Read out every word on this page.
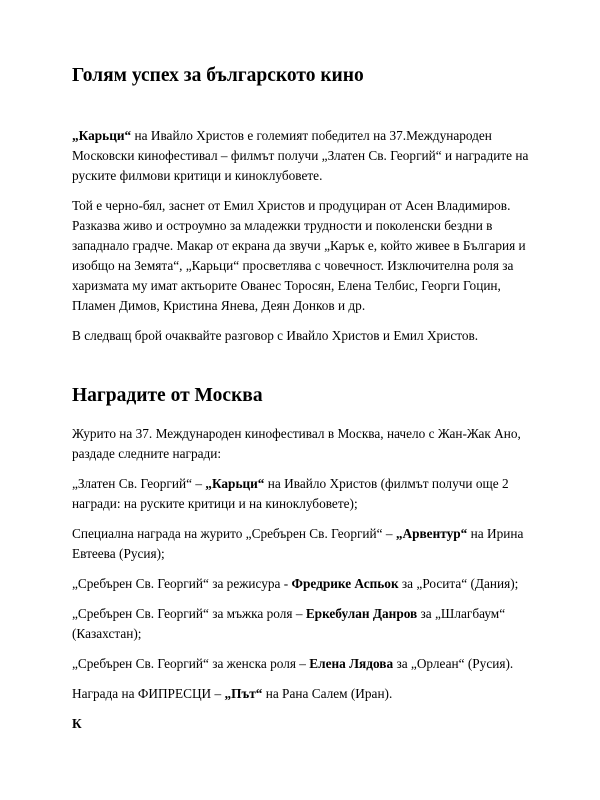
Голям успех за българското кино

„Карьци“ на Ивайло Христов е големият победител на 37.Международен Московски кинофестивал – филмът получи „Златен Св. Георгий“ и наградите на руските филмови критици и киноклубовете.

Той е черно-бял, заснет от Емил Христов и продуциран от Асен Владимиров. Разказва живо и остроумно за младежки трудности и поколенски бездни в западнало градче. Макар от екрана да звучи „Карък е, който живее в България и изобщо на Земята“, „Карьци“ просветлява с човечност. Изключителна роля за харизмата му имат актьорите Ованес Торосян, Елена Телбис, Георги Гоцин, Пламен Димов, Кристина Янева, Деян Донков и др.

В следващ брой очаквайте разговор с Ивайло Христов и Емил Христов.

Наградите от Москва

Журито на 37. Международен кинофестивал в Москва, начело с Жан-Жак Ано, раздаде следните награди:

„Златен Св. Георгий“ – „Карьци“ на Ивайло Христов (филмът получи още 2 награди: на руските критици и на киноклубовете);

Специална награда на журито „Сребърен Св. Георгий“ – „Арвентур“ на Ирина Евтеева (Русия);

„Сребърен Св. Георгий“ за режисура - Фредрике Аспьок за „Росита“ (Дания);

„Сребърен Св. Георгий“ за мъжка роля – Еркебулан Данров за „Шлагбаум“ (Казахстан);

„Сребърен Св. Георгий“ за женска роля – Елена Лядова за „Орлеан“ (Русия).

Награда на ФИПРЕСЦИ – „Път“ на Рана Салем (Иран).

К
